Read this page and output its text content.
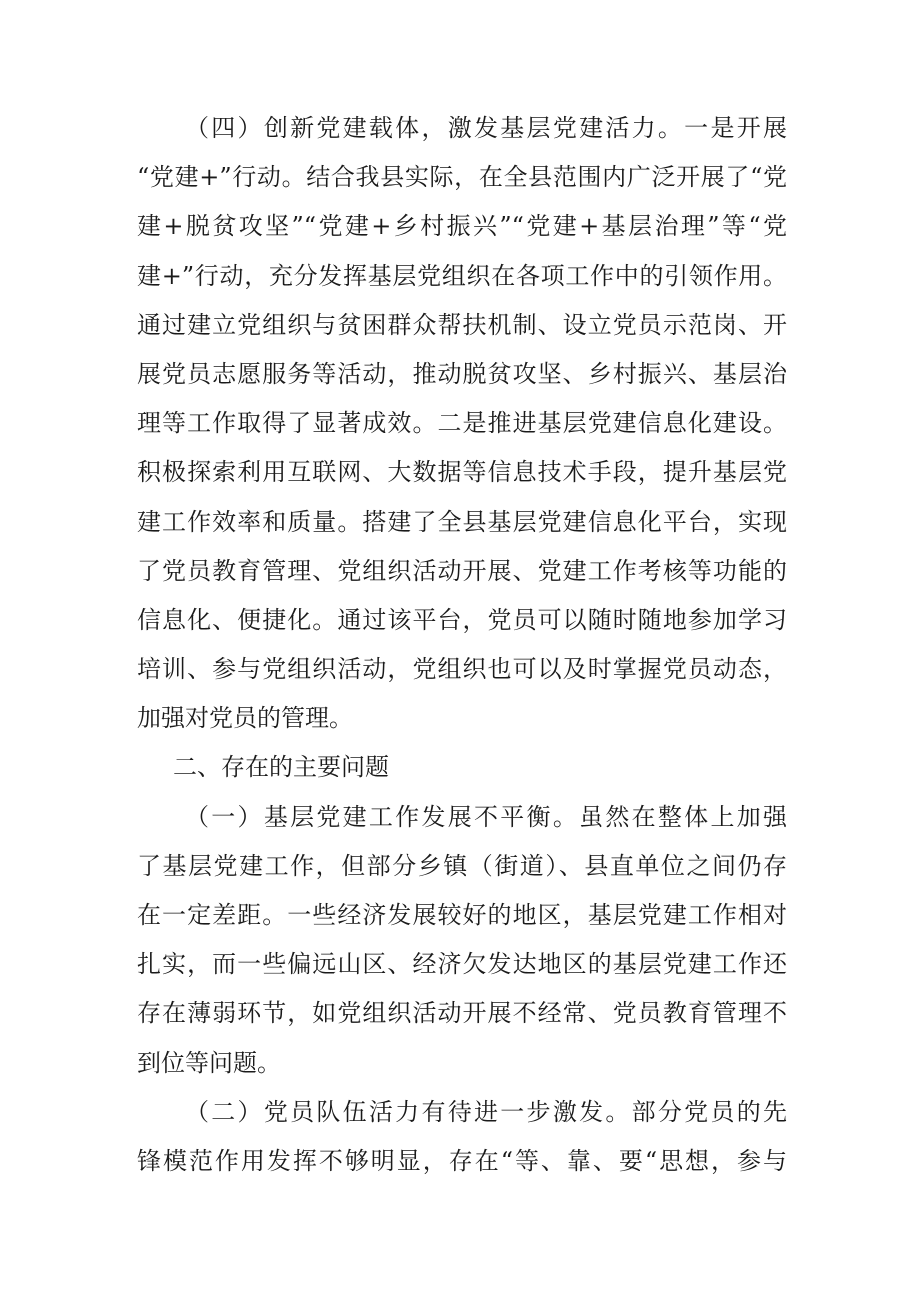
（四）创新党建载体，激发基层党建活力。一是开展
“党建+”行动。结合我县实际，在全县范围内广泛开展了“党
建+脱贫攻坚”“党建+乡村振兴”“党建+基层治理”等“党
建+”行动，充分发挥基层党组织在各项工作中的引领作用。
通过建立党组织与贫困群众帮扶机制、设立党员示范岗、开
展党员志愿服务等活动，推动脱贫攻坚、乡村振兴、基层治
理等工作取得了显著成效。二是推进基层党建信息化建设。
积极探索利用互联网、大数据等信息技术手段，提升基层党
建工作效率和质量。搭建了全县基层党建信息化平台，实现
了党员教育管理、党组织活动开展、党建工作考核等功能的
信息化、便捷化。通过该平台，党员可以随时随地参加学习
培训、参与党组织活动，党组织也可以及时掌握党员动态，
加强对党员的管理。
二、存在的主要问题
（一）基层党建工作发展不平衡。虽然在整体上加强
了基层党建工作，但部分乡镇（街道）、县直单位之间仍存
在一定差距。一些经济发展较好的地区，基层党建工作相对
扎实，而一些偏远山区、经济欠发达地区的基层党建工作还
存在薄弱环节，如党组织活动开展不经常、党员教育管理不
到位等问题。
（二）党员队伍活力有待进一步激发。部分党员的先
锋模范作用发挥不够明显，存在“等、靠、要“思想，参与
